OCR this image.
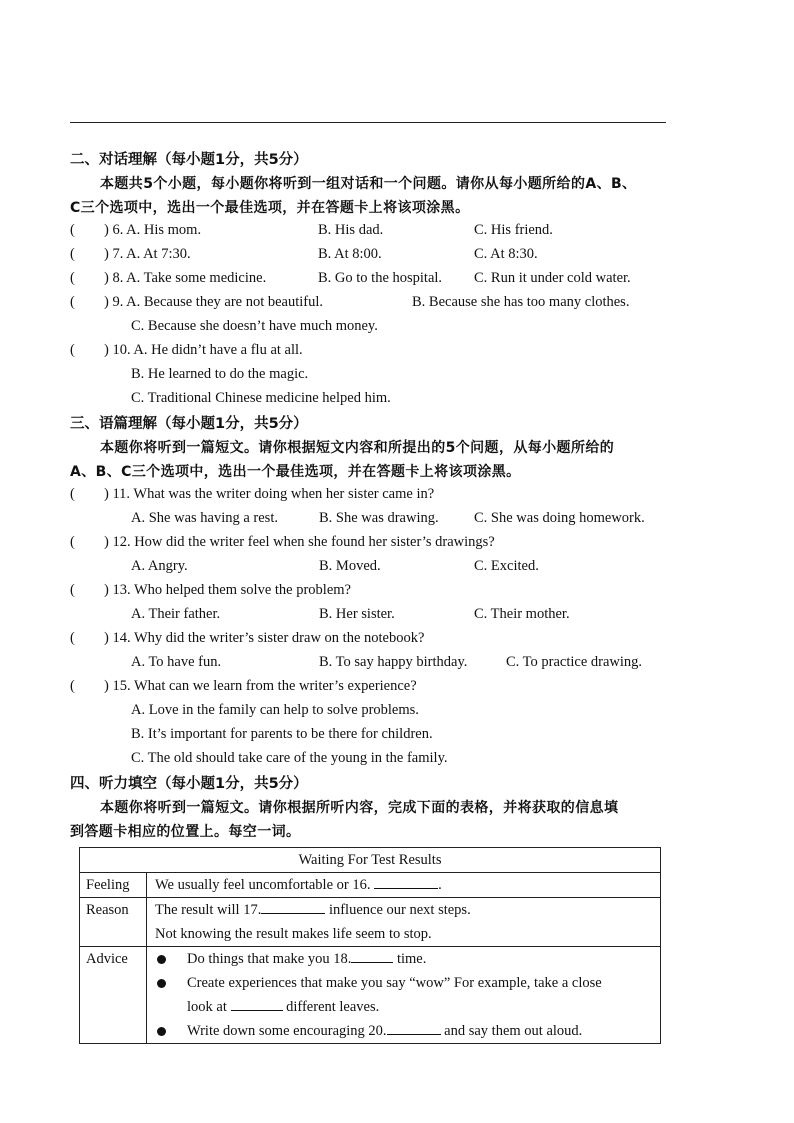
二、对话理解（每小题1分，共5分）
本题共5个小题，每小题你将听到一组对话和一个问题。请你从每小题所给的A、B、
C三个选项中，选出一个最佳选项，并在答题卡上将该项涂黑。
( ) 6. A. His mom.	B. His dad.	C. His friend.
( ) 7. A. At 7:30.	B. At 8:00.	C. At 8:30.
( ) 8. A. Take some medicine.	B. Go to the hospital. C. Run it under cold water.
( ) 9. A. Because they are not beautiful.	B. Because she has too many clothes.
C. Because she doesn’t have much money.
( ) 10. A. He didn’t have a flu at all.
B. He learned to do the magic.
C. Traditional Chinese medicine helped him.
三、语篇理解（每小题1分，共5分）
本题你将听到一篇短文。请你根据短文内容和所提出的5个问题，从每小题所给的
A、B、C三个选项中，选出一个最佳选项，并在答题卡上将该项涂黑。
( ) 11. What was the writer doing when her sister came in?
A. She was having a rest.	B. She was drawing. C. She was doing homework.
( ) 12. How did the writer feel when she found her sister’s drawings?
A. Angry.	B. Moved.	C. Excited.
( ) 13. Who helped them solve the problem?
A. Their father.	B. Her sister.	C. Their mother.
( ) 14. Why did the writer’s sister draw on the notebook?
A. To have fun.	B. To say happy birthday.	C. To practice drawing.
( ) 15. What can we learn from the writer’s experience?
A. Love in the family can help to solve problems.
B. It’s important for parents to be there for children.
C. The old should take care of the young in the family.
四、听力填空（每小题1分，共5分）
本题你将听到一篇短文。请你根据所听内容，完成下面的表格，并将获取的信息填
到答题卡相应的位置上。每空一词。
Waiting For Test Results	
Feeling	We usually feel uncomfortable or 16. .

Reason	The result will 17. influence our next steps.
Not knowing the result makes life seem to stop.

Advice	Do things that make you 18. time.
Create experiences that make you say “wow” For example, take a close
look at different leaves.
Write down some encouraging 20. and say them out aloud.
